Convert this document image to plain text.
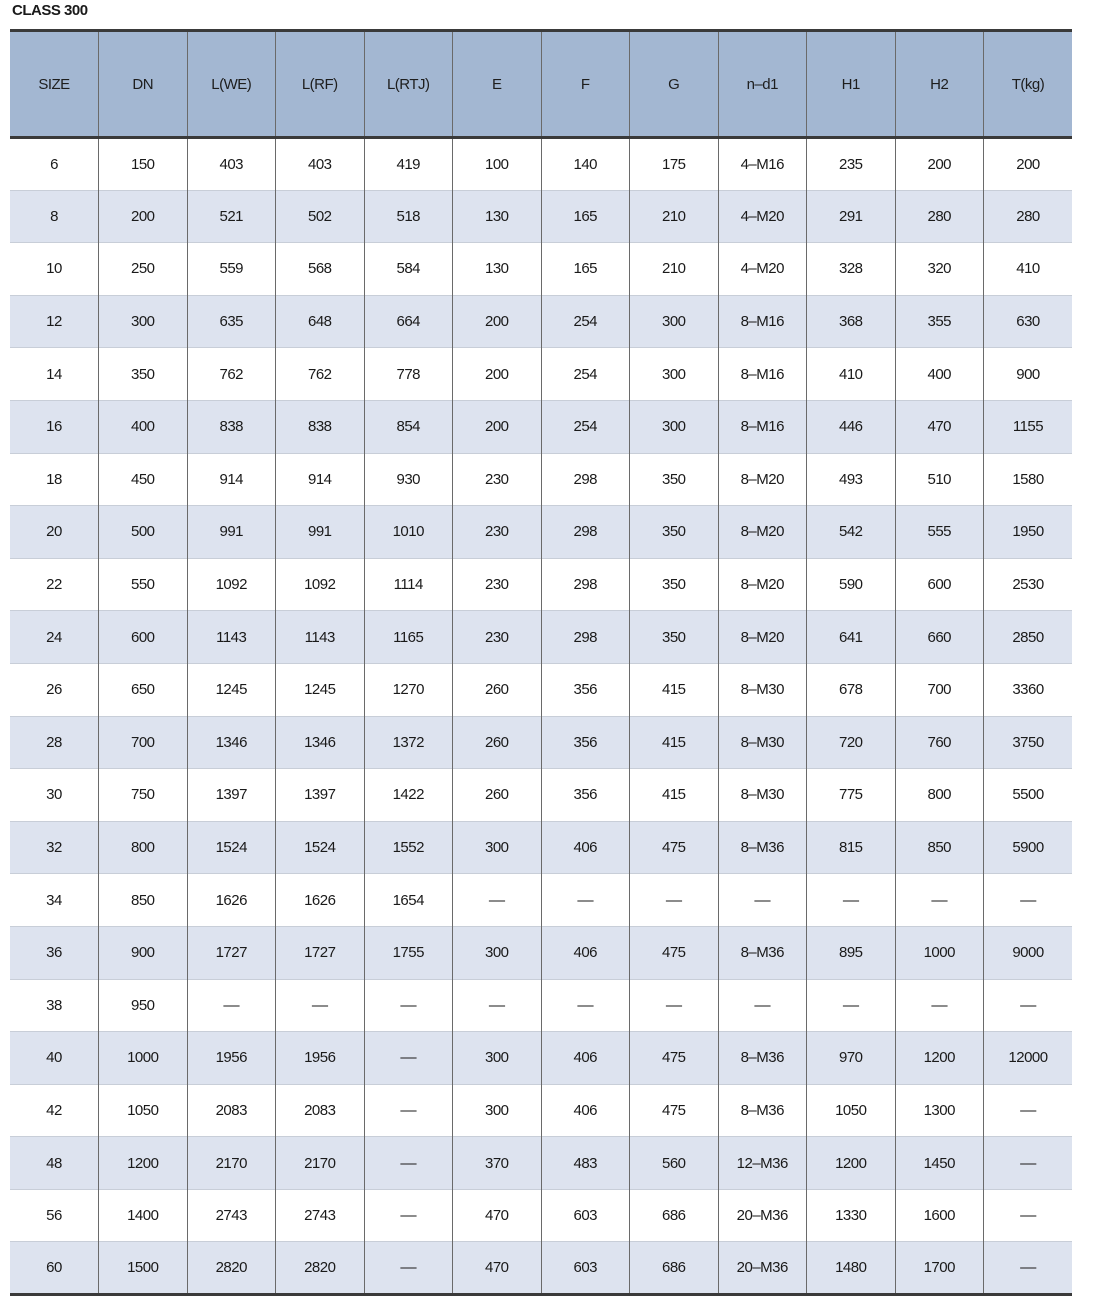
CLASS 300
SIZE	DN	L(WE)	L(RF)	L(RTJ)	E	F	G	n–d1	H1	H2	T(kg)
6	150	403	403	419	100	140	175	4–M16	235	200	200
8	200	521	502	518	130	165	210	4–M20	291	280	280
10	250	559	568	584	130	165	210	4–M20	328	320	410
12	300	635	648	664	200	254	300	8–M16	368	355	630
14	350	762	762	778	200	254	300	8–M16	410	400	900
16	400	838	838	854	200	254	300	8–M16	446	470	1155
18	450	914	914	930	230	298	350	8–M20	493	510	1580
20	500	991	991	1010	230	298	350	8–M20	542	555	1950
22	550	1092	1092	1114	230	298	350	8–M20	590	600	2530
24	600	1143	1143	1165	230	298	350	8–M20	641	660	2850
26	650	1245	1245	1270	260	356	415	8–M30	678	700	3360
28	700	1346	1346	1372	260	356	415	8–M30	720	760	3750
30	750	1397	1397	1422	260	356	415	8–M30	775	800	5500
32	800	1524	1524	1552	300	406	475	8–M36	815	850	5900
34	850	1626	1626	1654	––	––	––	––	––	––	––
36	900	1727	1727	1755	300	406	475	8–M36	895	1000	9000
38	950	––	––	––	––	––	––	––	––	––	––
40	1000	1956	1956	––	300	406	475	8–M36	970	1200	12000
42	1050	2083	2083	––	300	406	475	8–M36	1050	1300	––
48	1200	2170	2170	––	370	483	560	12–M36	1200	1450	––
56	1400	2743	2743	––	470	603	686	20–M36	1330	1600	––
60	1500	2820	2820	––	470	603	686	20–M36	1480	1700	––
